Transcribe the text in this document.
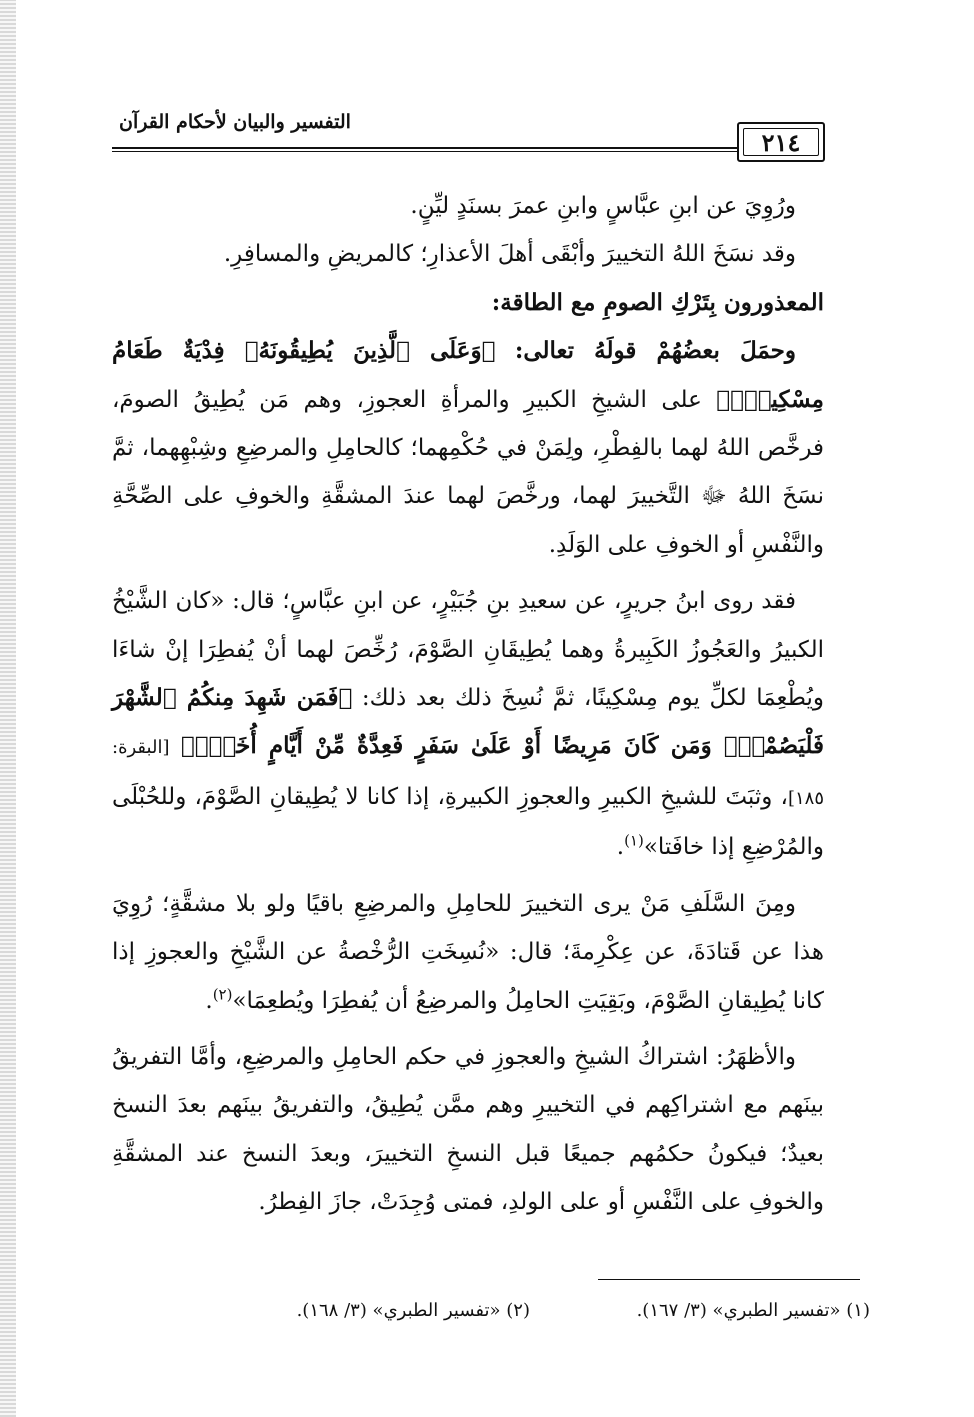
التفسير والبيان لأحكام القرآن
٢١٤

ورُوِيَ عن ابنِ عبَّاسٍ وابنِ عمرَ بسنَدٍ ليِّنٍ.

وقد نسَخَ اللهُ التخييرَ وأبْقَى أهلَ الأعذارِ؛ كالمريضِ والمسافِرِ.

المعذورون بِتَرْكِ الصومِ مع الطاقة:

وحمَلَ بعضُهُمْ قولَهُ تعالى: ﴿وَعَلَى ٱلَّذِينَ يُطِيقُونَهُۥ فِدْيَةٌ طَعَامُ مِسْكِينٍۖ﴾ على الشيخِ الكبيرِ والمرأةِ العجوزِ، وهم مَن يُطِيقُ الصومَ، فرخَّص اللهُ لهما بالفِطْرِ، ولِمَنْ في حُكْمِهما؛ كالحامِلِ والمرضِعِ وشِبْهِهما، ثمَّ نسَخَ اللهُ ﷻ التَّخييرَ لهما، ورخَّصَ لهما عندَ المشقَّةِ والخوفِ على الصِّحَّةِ والنَّفْسِ أو الخوفِ على الوَلَدِ.

فقد روى ابنُ جريرٍ، عن سعيدِ بنِ جُبَيْرٍ، عن ابنِ عبَّاسٍ؛ قال: «كان الشَّيْخُ الكبيرُ والعَجُوزُ الكَبِيرةُ وهما يُطِيقَانِ الصَّوْمَ، رُخِّصَ لهما أنْ يُفطِرَا إنْ شاءَا ويُطْعِمَا لكلِّ يوم مِسْكِينًا، ثمَّ نُسِخَ ذلك بعد ذلك: ﴿فَمَن شَهِدَ مِنكُمُ ٱلشَّهْرَ فَلْيَصُمْهُۖ وَمَن كَانَ مَرِيضًا أَوْ عَلَىٰ سَفَرٍ فَعِدَّةٌ مِّنْ أَيَّامٍ أُخَرَۗ﴾ [البقرة: ١٨٥]، وثبَتَ للشيخِ الكبيرِ والعجوزِ الكبيرةِ، إذا كانا لا يُطِيقانِ الصَّوْمَ، وللحُبْلَى والمُرْضِعِ إذا خافَتا»$^{(١)}$.

ومِنَ السَّلَفِ مَنْ يرى التخييرَ للحامِلِ والمرضِعِ باقيًا ولو بلا مشقَّةٍ؛ رُوِيَ هذا عن قَتادَةَ، عن عِكْرِمةَ؛ قال: «نُسِخَتِ الرُّخْصةُ عن الشَّيْخِ والعجوزِ إذا كانا يُطِيقانِ الصَّوْمَ، وبَقِيَتِ الحامِلُ والمرضِعُ أن يُفطِرَا ويُطعِمَا»$^{(٢)}$.

والأظهَرُ: اشتراكُ الشيخِ والعجوزِ في حكم الحامِلِ والمرضِعِ، وأمَّا التفريقُ بينَهم مع اشتراكِهم في التخييرِ وهم ممَّن يُطِيقُ، والتفريقُ بينَهم بعدَ النسخ بعيدٌ؛ فيكونُ حكمُهم جميعًا قبل النسخِ التخييرَ، وبعدَ النسخ عند المشقَّةِ والخوفِ على النَّفْسِ أو على الولدِ، فمتى وُجِدَتْ، جازَ الفِطرُ.

(١) «تفسير الطبري» (٣/ ١٦٧).(٢) «تفسير الطبري» (٣/ ١٦٨).
